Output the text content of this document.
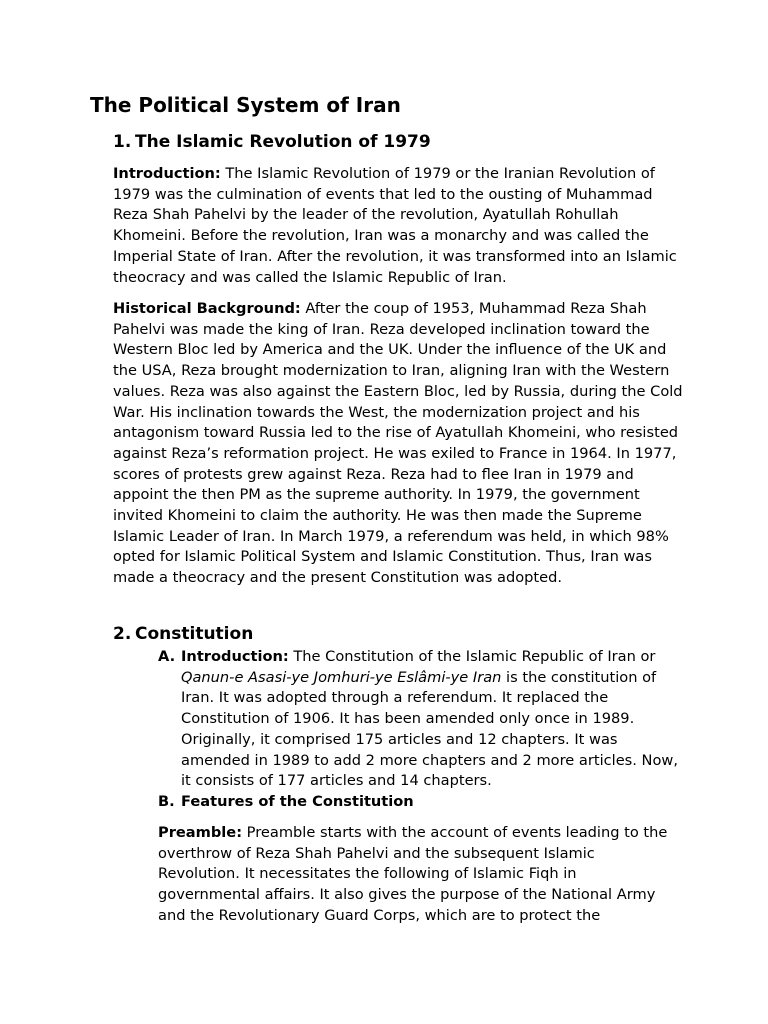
The Political System of Iran
1. The Islamic Revolution of 1979

Introduction: The Islamic Revolution of 1979 or the Iranian Revolution of 1979 was the culmination of events that led to the ousting of Muhammad Reza Shah Pahelvi by the leader of the revolution, Ayatullah Rohullah Khomeini. Before the revolution, Iran was a monarchy and was called the Imperial State of Iran. After the revolution, it was transformed into an Islamic theocracy and was called the Islamic Republic of Iran.

Historical Background: After the coup of 1953, Muhammad Reza Shah Pahelvi was made the king of Iran. Reza developed inclination toward the Western Bloc led by America and the UK. Under the influence of the UK and the USA, Reza brought modernization to Iran, aligning Iran with the Western values. Reza was also against the Eastern Bloc, led by Russia, during the Cold War. His inclination towards the West, the modernization project and his antagonism toward Russia led to the rise of Ayatullah Khomeini, who resisted against Reza’s reformation project. He was exiled to France in 1964. In 1977, scores of protests grew against Reza. Reza had to flee Iran in 1979 and appoint the then PM as the supreme authority. In 1979, the government invited Khomeini to claim the authority. He was then made the Supreme Islamic Leader of Iran. In March 1979, a referendum was held, in which 98% opted for Islamic Political System and Islamic Constitution. Thus, Iran was made a theocracy and the present Constitution was adopted.

2. Constitution
A. Introduction: The Constitution of the Islamic Republic of Iran or Qanun-e Asasi-ye Jomhuri-ye Eslâmi-ye Iran is the constitution of Iran. It was adopted through a referendum. It replaced the Constitution of 1906. It has been amended only once in 1989. Originally, it comprised 175 articles and 12 chapters. It was amended in 1989 to add 2 more chapters and 2 more articles. Now, it consists of 177 articles and 14 chapters.
B. Features of the Constitution

Preamble: Preamble starts with the account of events leading to the overthrow of Reza Shah Pahelvi and the subsequent Islamic Revolution. It necessitates the following of Islamic Fiqh in governmental affairs. It also gives the purpose of the National Army and the Revolutionary Guard Corps, which are to protect the
